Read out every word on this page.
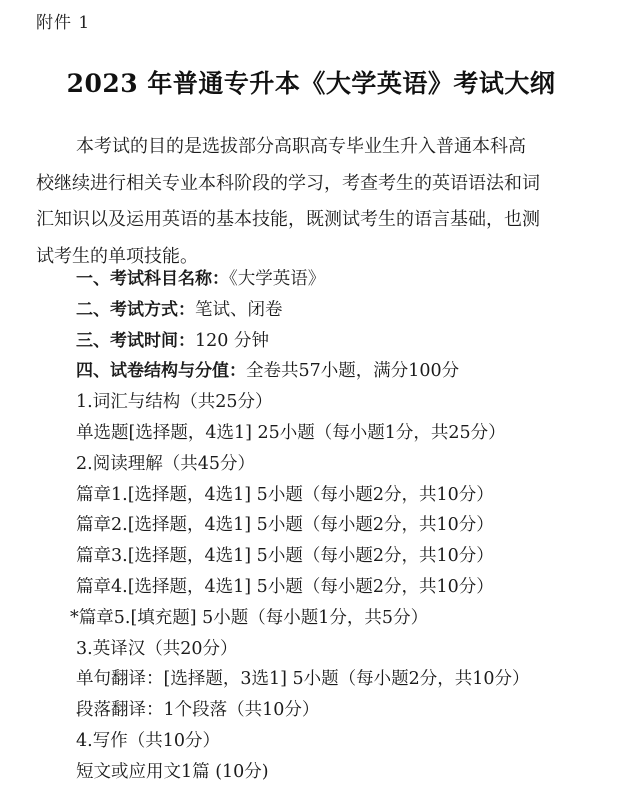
附件 1
2023 年普通专升本《大学英语》考试大纲
本考试的目的是选拔部分高职高专毕业生升入普通本科高
校继续进行相关专业本科阶段的学习，考查考生的英语语法和词
汇知识以及运用英语的基本技能，既测试考生的语言基础，也测
试考生的单项技能。
一、考试科目名称：《大学英语》
二、考试方式：笔试、闭卷
三、考试时间：120 分钟
四、试卷结构与分值：全卷共57小题，满分100分
1.词汇与结构（共25分）
单选题[选择题，4选1] 25小题（每小题1分，共25分）
2.阅读理解（共45分）
篇章1.[选择题，4选1] 5小题（每小题2分，共10分）
篇章2.[选择题，4选1] 5小题（每小题2分，共10分）
篇章3.[选择题，4选1] 5小题（每小题2分，共10分）
篇章4.[选择题，4选1] 5小题（每小题2分，共10分）
*篇章5.[填充题] 5小题（每小题1分，共5分）
3.英译汉（共20分）
单句翻译：[选择题，3选1] 5小题（每小题2分，共10分）
段落翻译：1个段落（共10分）
4.写作（共10分）
短文或应用文1篇 (10分)
